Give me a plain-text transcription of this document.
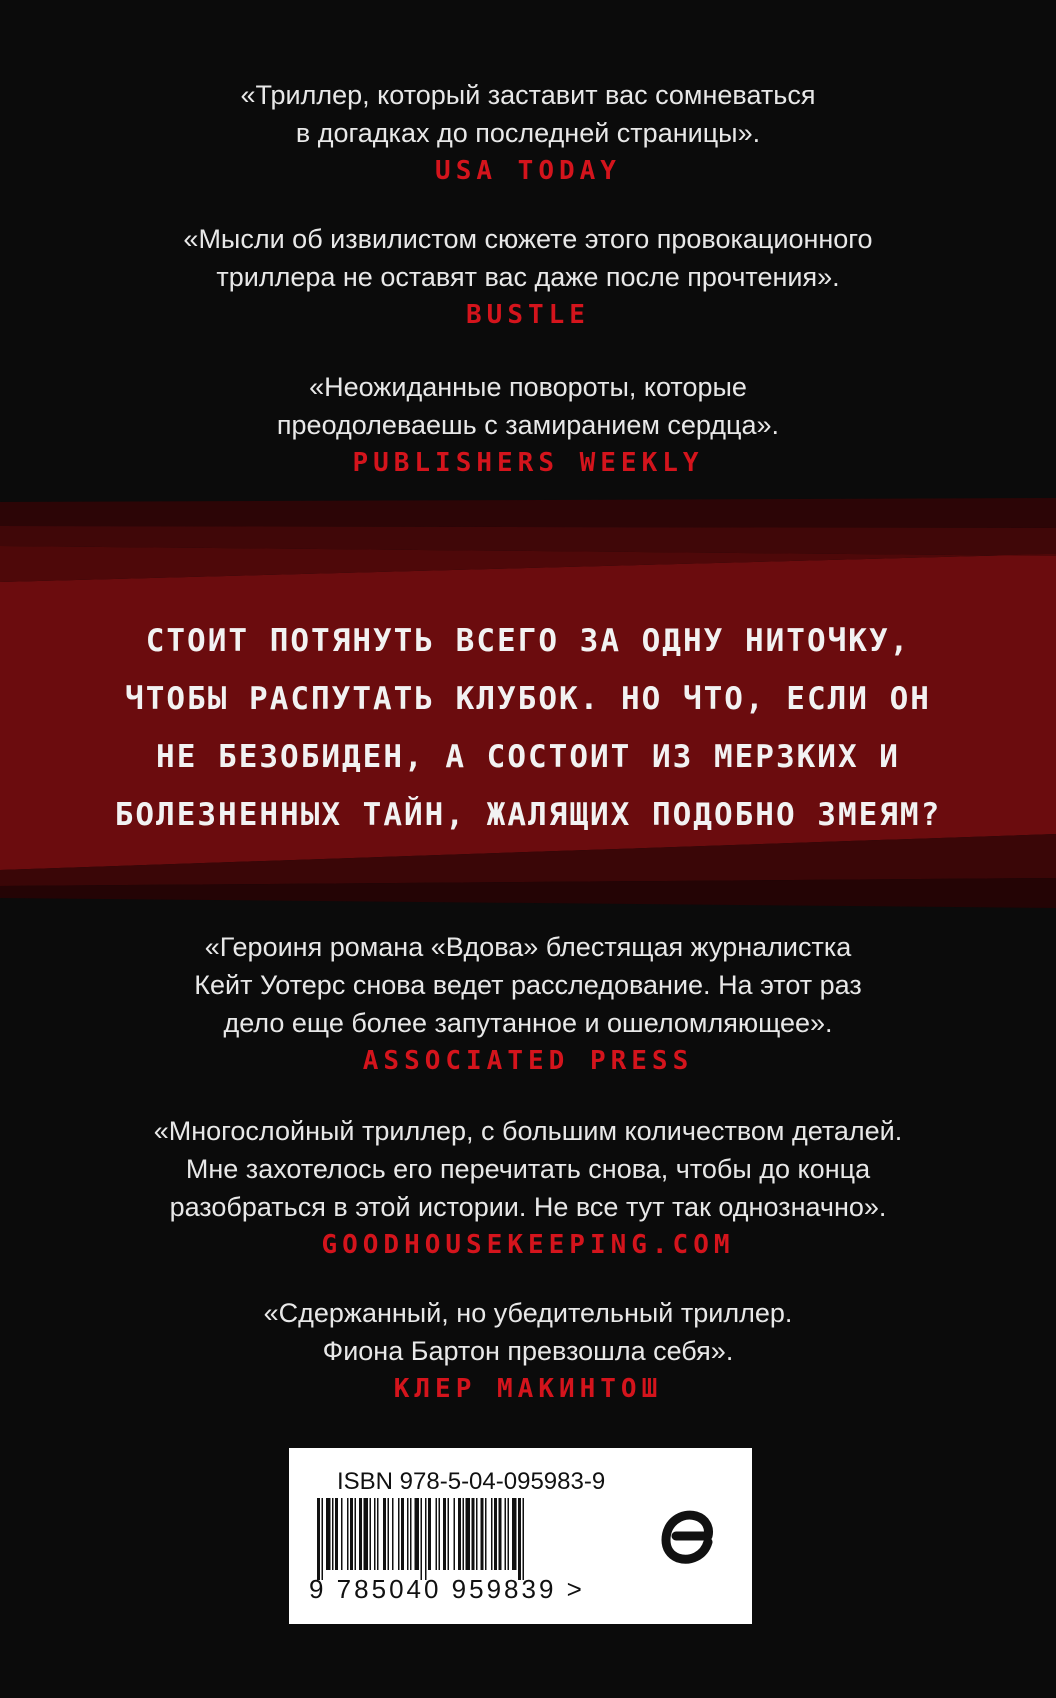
«Триллер, который заставит вас сомневаться
в догадках до последней страницы».
USA TODAY
«Мысли об извилистом сюжете этого провокационного
триллера не оставят вас даже после прочтения».
BUSTLE
«Неожиданные повороты, которые
преодолеваешь с замиранием сердца».
PUBLISHERS WEEKLY
СТОИТ ПОТЯНУТЬ ВСЕГО ЗА ОДНУ НИТОЧКУ,
ЧТОБЫ РАСПУТАТЬ КЛУБОК. НО ЧТО, ЕСЛИ ОН
НЕ БЕЗОБИДЕН, А СОСТОИТ ИЗ МЕРЗКИХ И
БОЛЕЗНЕННЫХ ТАЙН, ЖАЛЯЩИХ ПОДОБНО ЗМЕЯМ?
«Героиня романа «Вдова» блестящая журналистка
Кейт Уотерс снова ведет расследование. На этот раз
дело еще более запутанное и ошеломляющее».
ASSOCIATED PRESS
«Многослойный триллер, с большим количеством деталей.
Мне захотелось его перечитать снова, чтобы до конца
разобраться в этой истории. Не все тут так однозначно».
GOODHOUSEKEEPING.COM
«Сдержанный, но убедительный триллер.
Фиона Бартон превзошла себя».
КЛЕР МАКИНТОШ
ISBN 978-5-04-095983-9
9 785040 959839 >
